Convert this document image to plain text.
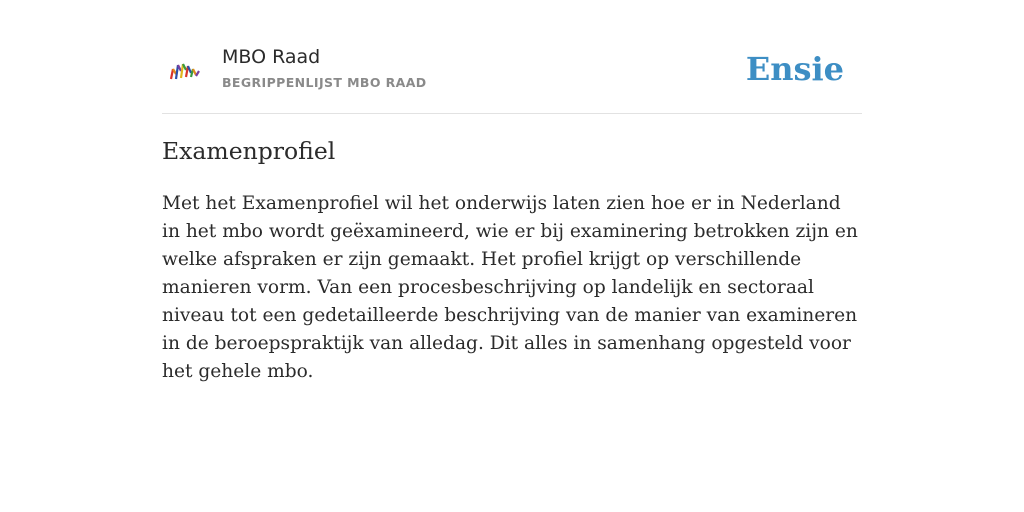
MBO Raad
BEGRIPPENLIJST MBO RAAD	Ensie
Examenprofiel

Met het Examenprofiel wil het onderwijs laten zien hoe er in Nederland in het mbo wordt geëxamineerd, wie er bij examinering betrokken zijn en welke afspraken er zijn gemaakt. Het profiel krijgt op verschillende manieren vorm. Van een procesbeschrijving op landelijk en sectoraal niveau tot een gedetailleerde beschrijving van de manier van examineren in de beroepspraktijk van alledag. Dit alles in samenhang opgesteld voor het gehele mbo.
